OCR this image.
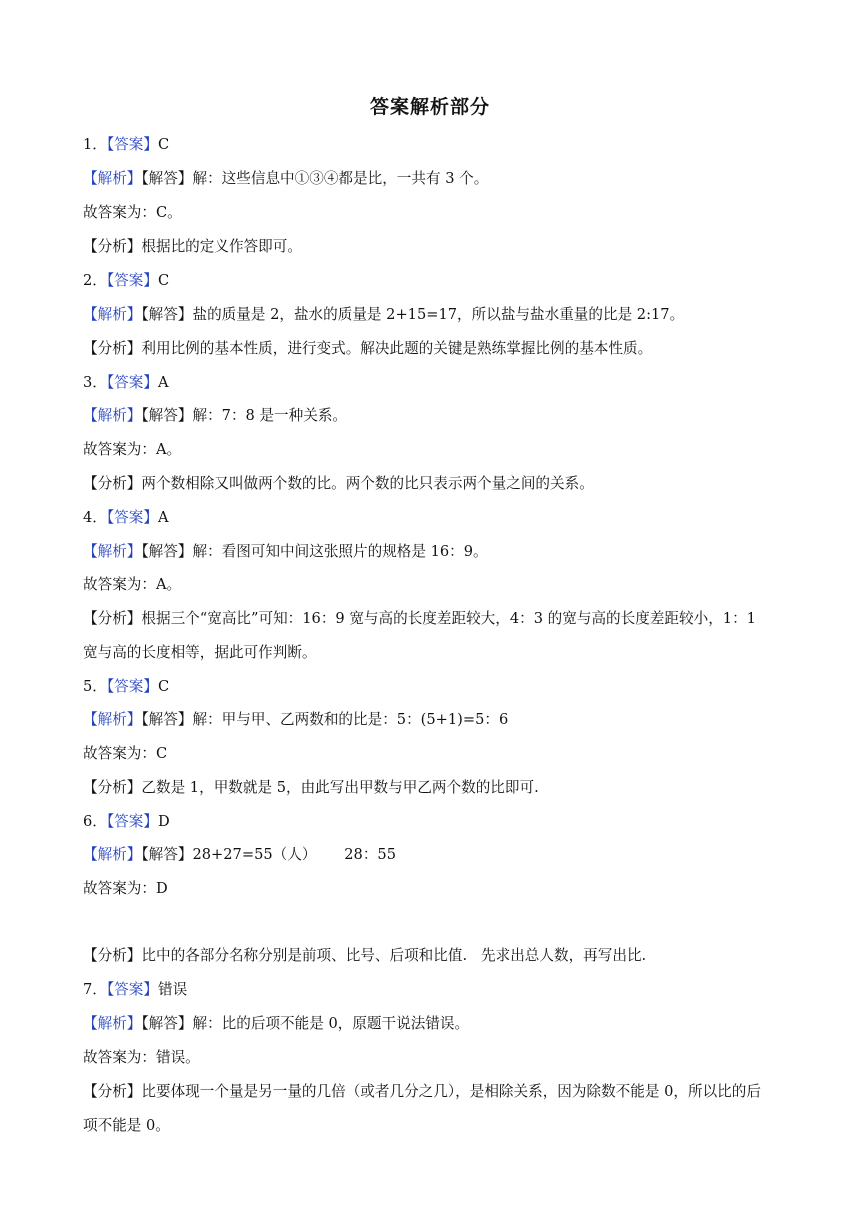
答案解析部分
1．【答案】C
【解析】【解答】解：这些信息中①③④都是比，一共有 3 个。
故答案为：C。
【分析】根据比的定义作答即可。
2．【答案】C
【解析】【解答】盐的质量是 2，盐水的质量是 2+15=17，所以盐与盐水重量的比是 2:17。
【分析】利用比例的基本性质，进行变式。解决此题的关键是熟练掌握比例的基本性质。
3．【答案】A
【解析】【解答】解：7：8 是一种关系。
故答案为：A。
【分析】两个数相除又叫做两个数的比。两个数的比只表示两个量之间的关系。
4．【答案】A
【解析】【解答】解：看图可知中间这张照片的规格是 16：9。
故答案为：A。
【分析】根据三个“宽高比”可知：16：9 宽与高的长度差距较大，4：3 的宽与高的长度差距较小，1：1
宽与高的长度相等，据此可作判断。
5．【答案】C
【解析】【解答】解：甲与甲、乙两数和的比是：5：(5+1)=5：6
故答案为：C
【分析】乙数是 1，甲数就是 5，由此写出甲数与甲乙两个数的比即可.
6．【答案】D
【解析】【解答】28+27=55（人）      28：55
故答案为：D
【分析】比中的各部分名称分别是前项、比号、后项和比值.   先求出总人数，再写出比.
7．【答案】错误
【解析】【解答】解：比的后项不能是 0，原题干说法错误。
故答案为：错误。
【分析】比要体现一个量是另一量的几倍（或者几分之几），是相除关系，因为除数不能是 0，所以比的后
项不能是 0。
